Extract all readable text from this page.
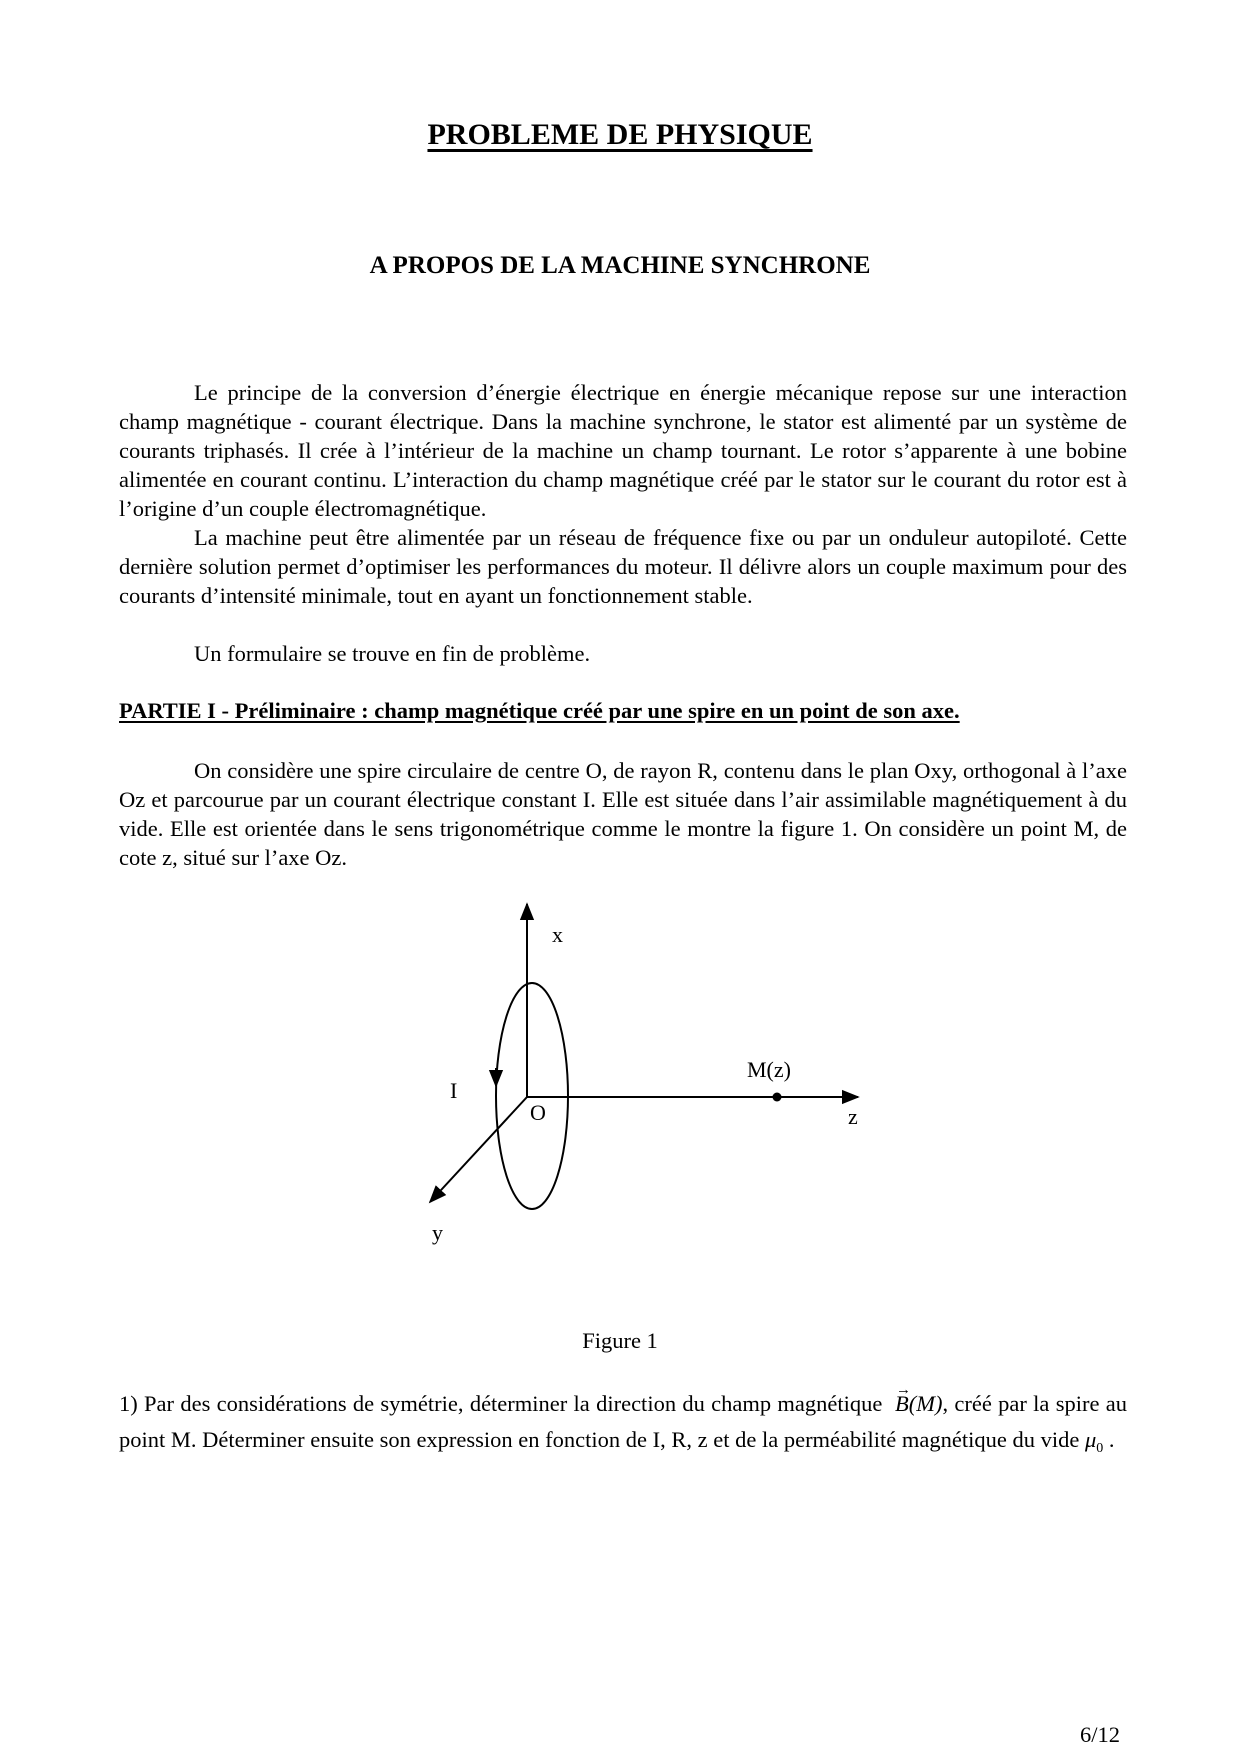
PROBLEME DE PHYSIQUE
A PROPOS DE LA MACHINE SYNCHRONE

Le principe de la conversion d’énergie électrique en énergie mécanique repose sur une interaction champ magnétique - courant électrique. Dans la machine synchrone, le stator est alimenté par un système de courants triphasés. Il crée à l’intérieur de la machine un champ tournant. Le rotor s’apparente à une bobine alimentée en courant continu. L’interaction du champ magnétique créé par le stator sur le courant du rotor est à l’origine d’un couple électromagnétique.

La machine peut être alimentée par un réseau de fréquence fixe ou par un onduleur autopiloté. Cette dernière solution permet d’optimiser les performances du moteur. Il délivre alors un couple maximum pour des courants d’intensité minimale, tout en ayant un fonctionnement stable.

Un formulaire se trouve en fin de problème.

PARTIE I - Préliminaire : champ magnétique créé par une spire en un point de son axe.

On considère une spire circulaire de centre O, de rayon R, contenu dans le plan Oxy, orthogonal à l’axe Oz et parcourue par un courant électrique constant I. Elle est située dans l’air assimilable magnétiquement à du vide. Elle est orientée dans le sens trigonométrique comme le montre la figure 1. On considère un point M, de cote z, situé sur l’axe Oz.

x
I
O
M(z)
z
y
Figure 1

1) Par des considérations de symétrie, déterminer la direction du champ magnétique  → B(M), créé par la spire au point M. Déterminer ensuite son expression en fonction de I, R, z et de la perméabilité magnétique du vide $\mu_0$ .

6/12
